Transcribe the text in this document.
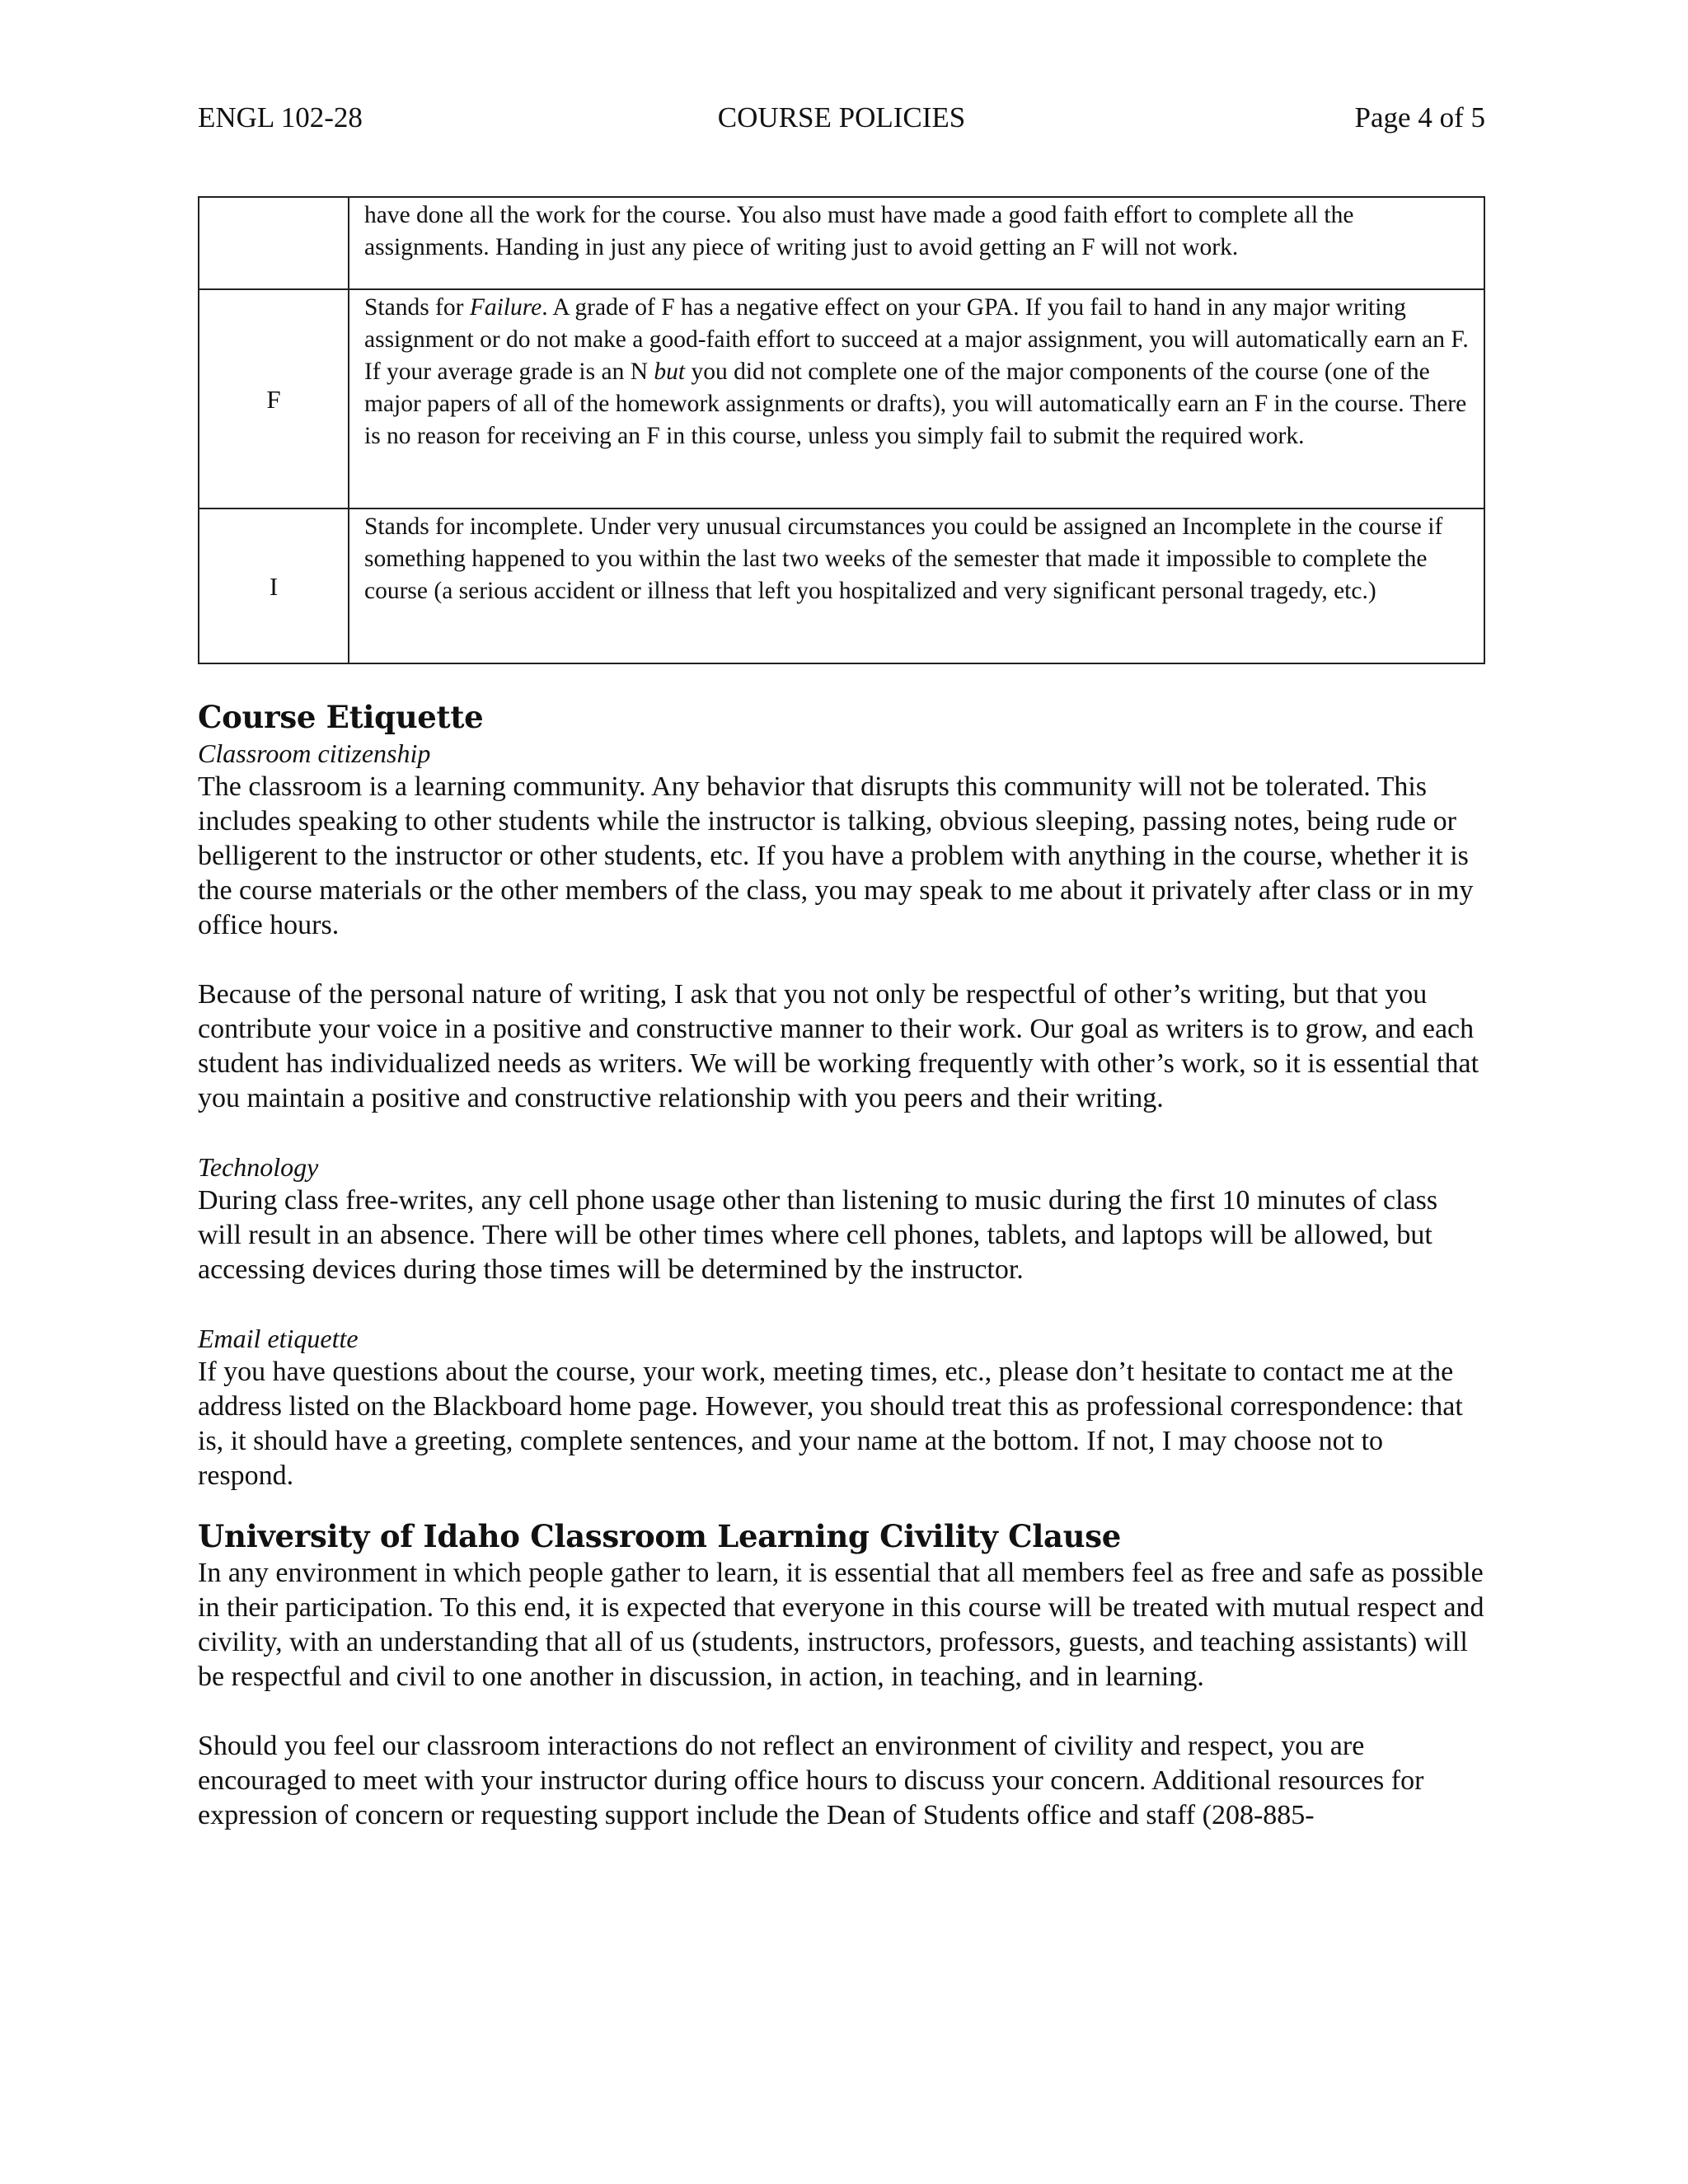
ENGL 102-28	COURSE POLICIES	Page 4 of 5
	have done all the work for the course. You also must have made a good faith effort to complete all the assignments. Handing in just any piece of writing just to avoid getting an F will not work.
F	Stands for Failure. A grade of F has a negative effect on your GPA. If you fail to hand in any major writing assignment or do not make a good-faith effort to succeed at a major assignment, you will automatically earn an F. If your average grade is an N but you did not complete one of the major components of the course (one of the major papers of all of the homework assignments or drafts), you will automatically earn an F in the course. There is no reason for receiving an F in this course, unless you simply fail to submit the required work.
I	Stands for incomplete. Under very unusual circumstances you could be assigned an Incomplete in the course if something happened to you within the last two weeks of the semester that made it impossible to complete the course (a serious accident or illness that left you hospitalized and very significant personal tragedy, etc.)
Course Etiquette

Classroom citizenship

The classroom is a learning community. Any behavior that disrupts this community will not be tolerated. This includes speaking to other students while the instructor is talking, obvious sleeping, passing notes, being rude or belligerent to the instructor or other students, etc. If you have a problem with anything in the course, whether it is the course materials or the other members of the class, you may speak to me about it privately after class or in my office hours.

Because of the personal nature of writing, I ask that you not only be respectful of other’s writing, but that you contribute your voice in a positive and constructive manner to their work. Our goal as writers is to grow, and each student has individualized needs as writers. We will be working frequently with other’s work, so it is essential that you maintain a positive and constructive relationship with you peers and their writing.

Technology

During class free-writes, any cell phone usage other than listening to music during the first 10 minutes of class will result in an absence. There will be other times where cell phones, tablets, and laptops will be allowed, but accessing devices during those times will be determined by the instructor.

Email etiquette

If you have questions about the course, your work, meeting times, etc., please don’t hesitate to contact me at the address listed on the Blackboard home page. However, you should treat this as professional correspondence: that is, it should have a greeting, complete sentences, and your name at the bottom. If not, I may choose not to respond.

University of Idaho Classroom Learning Civility Clause

In any environment in which people gather to learn, it is essential that all members feel as free and safe as possible in their participation. To this end, it is expected that everyone in this course will be treated with mutual respect and civility, with an understanding that all of us (students, instructors, professors, guests, and teaching assistants) will be respectful and civil to one another in discussion, in action, in teaching, and in learning.

Should you feel our classroom interactions do not reflect an environment of civility and respect, you are encouraged to meet with your instructor during office hours to discuss your concern. Additional resources for expression of concern or requesting support include the Dean of Students office and staff (208-885-
